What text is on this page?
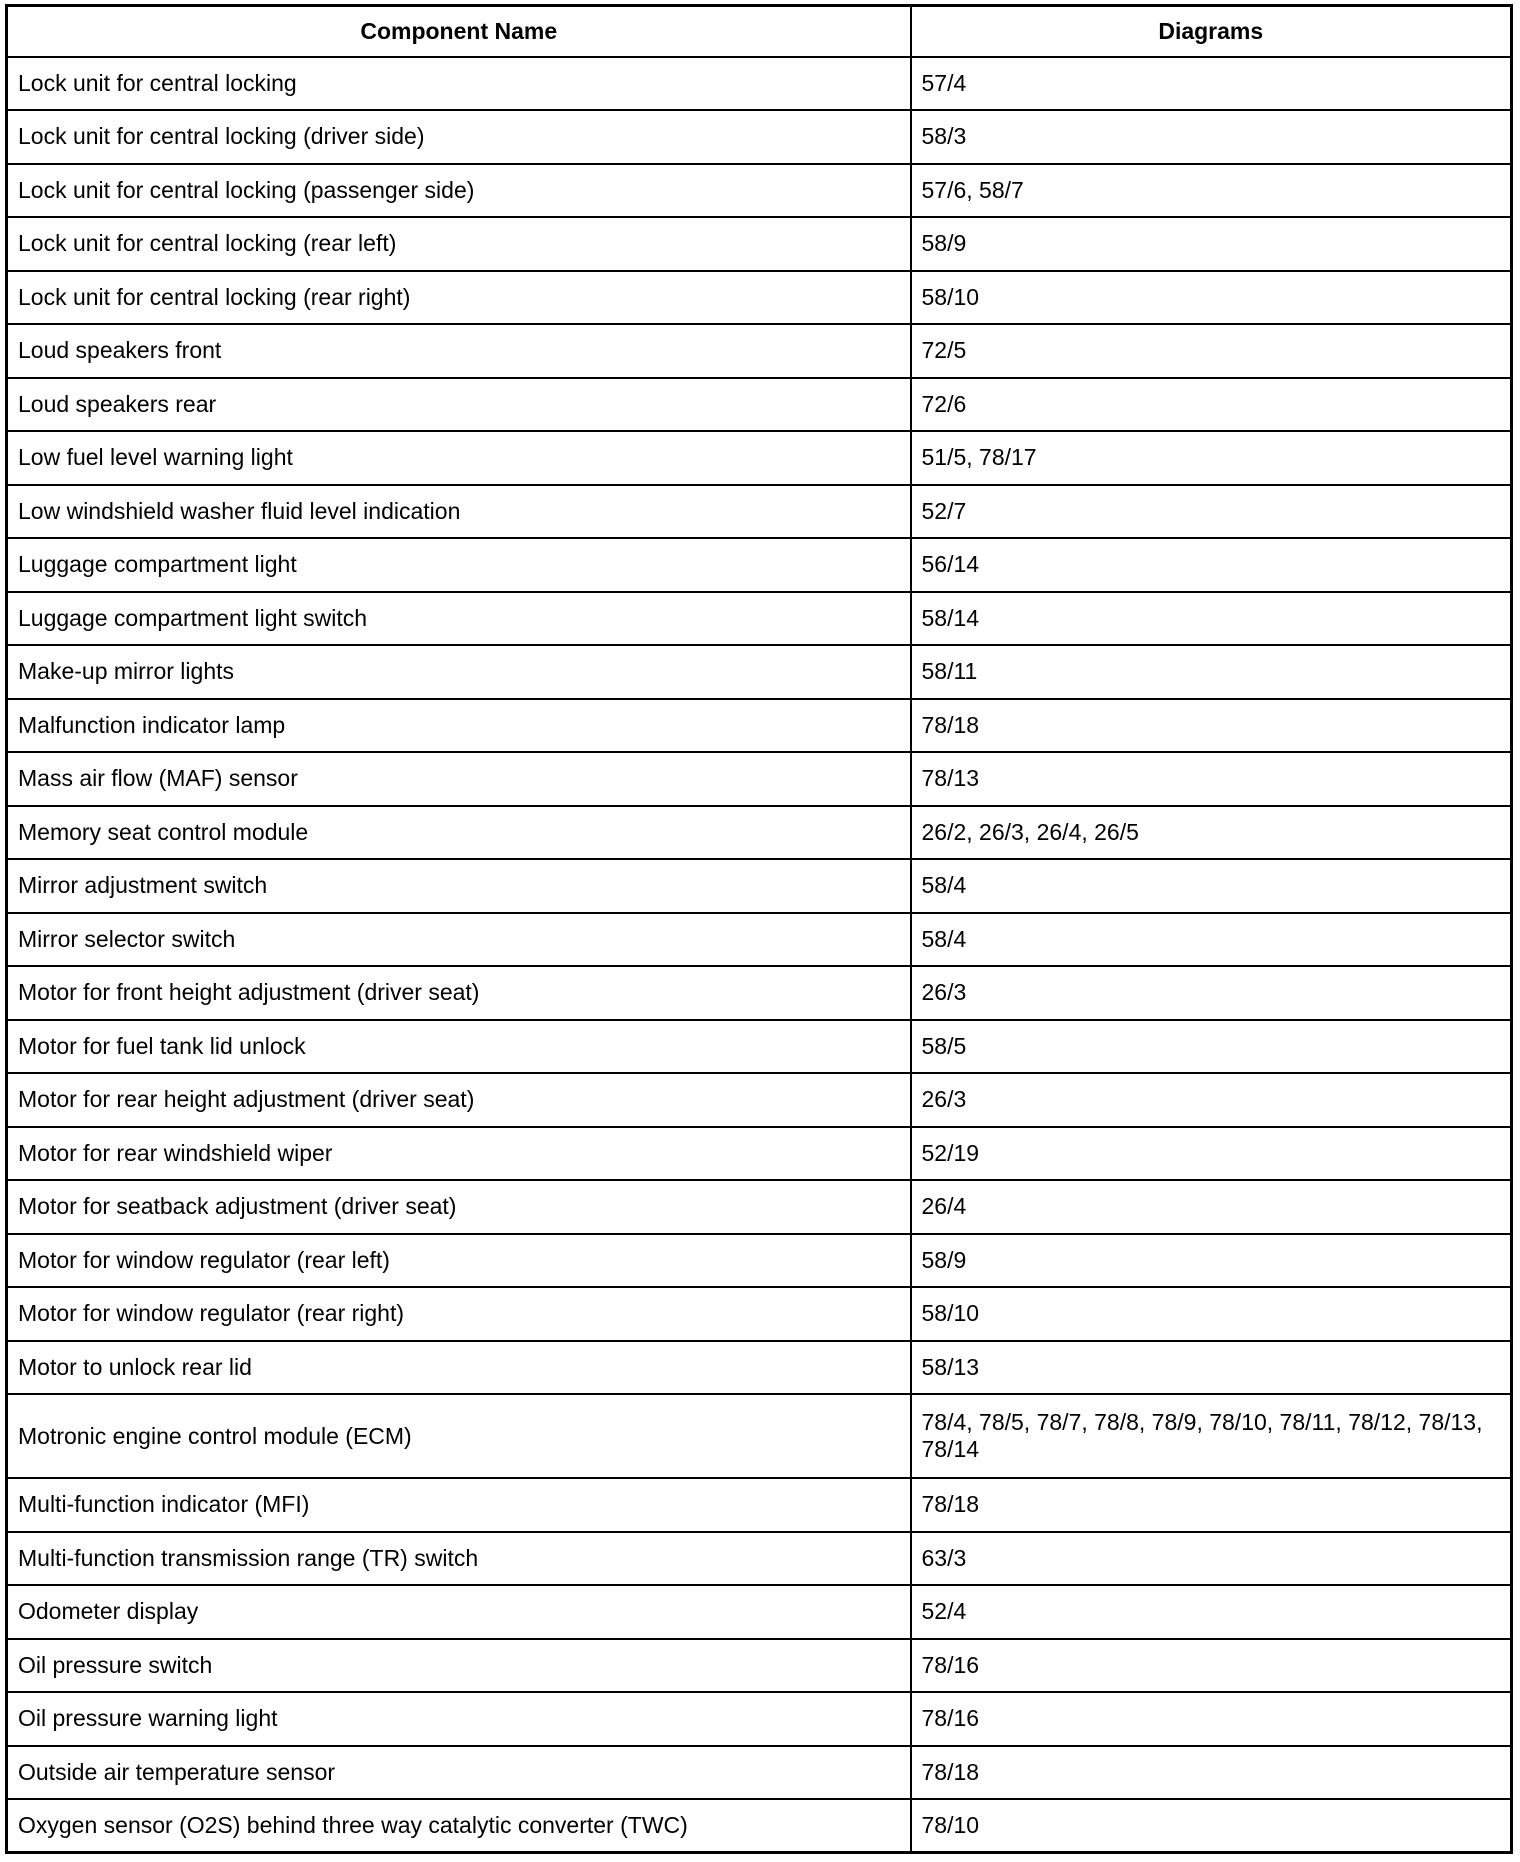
Component Name	Diagrams
Lock unit for central locking	57/4
Lock unit for central locking (driver side)	58/3
Lock unit for central locking (passenger side)	57/6, 58/7
Lock unit for central locking (rear left)	58/9
Lock unit for central locking (rear right)	58/10
Loud speakers front	72/5
Loud speakers rear	72/6
Low fuel level warning light	51/5, 78/17
Low windshield washer fluid level indication	52/7
Luggage compartment light	56/14
Luggage compartment light switch	58/14
Make-up mirror lights	58/11
Malfunction indicator lamp	78/18
Mass air flow (MAF) sensor	78/13
Memory seat control module	26/2, 26/3, 26/4, 26/5
Mirror adjustment switch	58/4
Mirror selector switch	58/4
Motor for front height adjustment (driver seat)	26/3
Motor for fuel tank lid unlock	58/5
Motor for rear height adjustment (driver seat)	26/3
Motor for rear windshield wiper	52/19
Motor for seatback adjustment (driver seat)	26/4
Motor for window regulator (rear left)	58/9
Motor for window regulator (rear right)	58/10
Motor to unlock rear lid	58/13
Motronic engine control module (ECM)	78/4, 78/5, 78/7, 78/8, 78/9, 78/10, 78/11, 78/12, 78/13, 78/14
Multi-function indicator (MFI)	78/18
Multi-function transmission range (TR) switch	63/3
Odometer display	52/4
Oil pressure switch	78/16
Oil pressure warning light	78/16
Outside air temperature sensor	78/18
Oxygen sensor (O2S) behind three way catalytic converter (TWC)	78/10
